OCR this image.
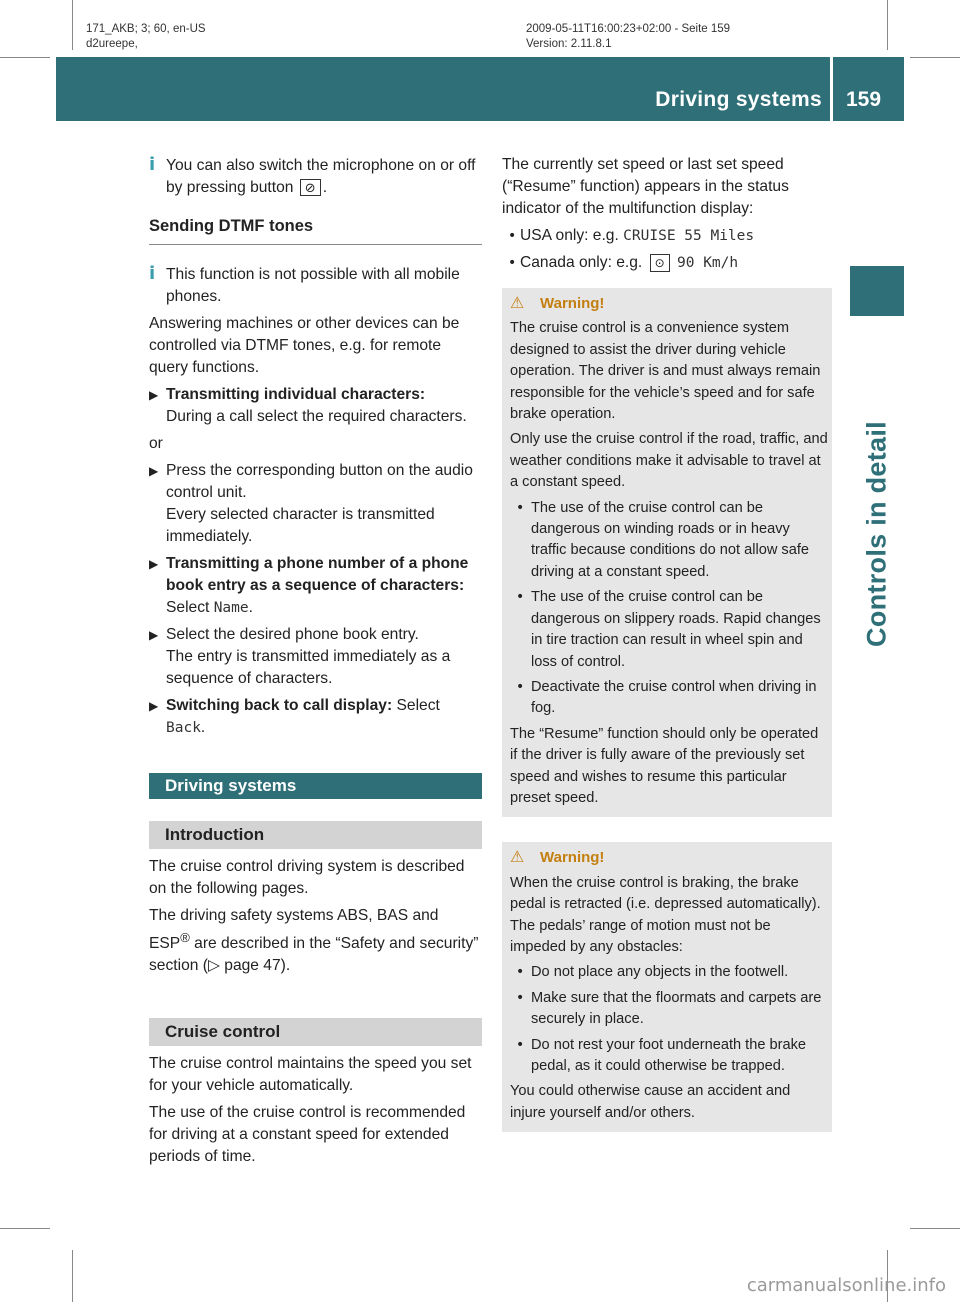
171_AKB; 3; 60, en-US
d2ureepe,
2009-05-11T16:00:23+02:00 - Seite 159
Version: 2.11.8.1
Driving systems 159
Controls in detail

i You can also switch the microphone on or off by pressing button ⊘ .

Sending DTMF tones

i This function is not possible with all mobile phones.

Answering machines or other devices can be controlled via DTMF tones, e.g. for remote query functions.

▶ Transmitting individual characters:
During a call select the required characters.

or

▶ Press the corresponding button on the audio control unit.
Every selected character is transmitted immediately.

▶ Transmitting a phone number of a phone book entry as a sequence of characters: Select Name.

▶ Select the desired phone book entry.
The entry is transmitted immediately as a sequence of characters.

▶ Switching back to call display: Select
Back.

Driving systems
Introduction

The cruise control driving system is described on the following pages.

The driving safety systems ABS, BAS and ESP® are described in the “Safety and security” section (▷ page 47).

Cruise control

The cruise control maintains the speed you set for your vehicle automatically.

The use of the cruise control is recommended for driving at a constant speed for extended periods of time.

The currently set speed or last set speed (“Resume” function) appears in the status indicator of the multifunction display:

• USA only: e.g. CRUISE 55 Miles

• Canada only: e.g. ⊙ 90 Km/h

⚠ Warning!

The cruise control is a convenience system designed to assist the driver during vehicle operation. The driver is and must always remain responsible for the vehicle’s speed and for safe brake operation.

Only use the cruise control if the road, traffic, and weather conditions make it advisable to travel at a constant speed.

• The use of the cruise control can be dangerous on winding roads or in heavy traffic because conditions do not allow safe driving at a constant speed.

• The use of the cruise control can be dangerous on slippery roads. Rapid changes in tire traction can result in wheel spin and loss of control.

• Deactivate the cruise control when driving in fog.

The “Resume” function should only be operated if the driver is fully aware of the previously set speed and wishes to resume this particular preset speed.

⚠ Warning!

When the cruise control is braking, the brake pedal is retracted (i.e. depressed automatically). The pedals’ range of motion must not be impeded by any obstacles:

• Do not place any objects in the footwell.

• Make sure that the floormats and carpets are securely in place.

• Do not rest your foot underneath the brake pedal, as it could otherwise be trapped.

You could otherwise cause an accident and injure yourself and/or others.

carmanualsonline.info
